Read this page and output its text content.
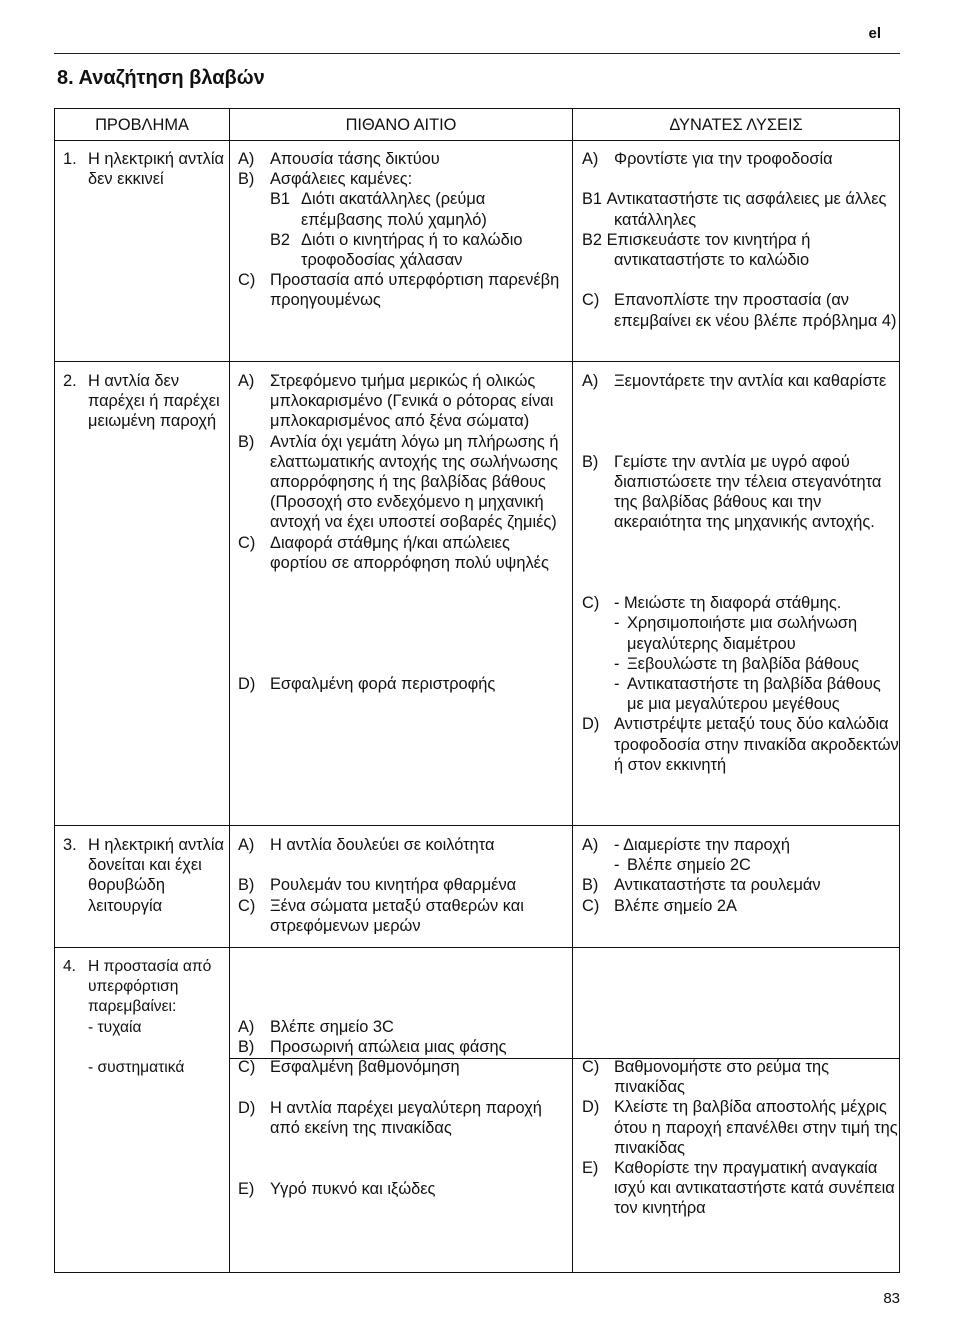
el
8. Αναζήτηση βλαβών
ΠΡΟΒΛΗΜΑ	ΠΙΘΑΝΟ ΑΙΤΙΟ	ΔΥΝΑΤΕΣ ΛΥΣΕΙΣ
1. Η ηλεκτρική αντλία δεν εκκινεί
A) Απουσία τάσης δικτύου
B) Ασφάλειες καμένες:
B1 Διότι ακατάλληλες (ρεύμα επέμβασης πολύ χαμηλό)
B2 Διότι ο κινητήρας ή το καλώδιο τροφοδοσίας χάλασαν
C) Προστασία από υπερφόρτιση παρενέβη προηγουμένως
A) Φροντίστε για την τροφοδοσία
B1 Αντικαταστήστε τις ασφάλειες με άλλες κατάλληλες
B2 Επισκευάστε τον κινητήρα ή αντικαταστήστε το καλώδιο
C) Επανοπλίστε την προστασία (αν επεμβαίνει εκ νέου βλέπε πρόβλημα 4)
2. Η αντλία δεν παρέχει ή παρέχει μειωμένη παροχή
A) Στρεφόμενο τμήμα μερικώς ή ολικώς μπλοκαρισμένο (Γενικά ο ρότορας είναι μπλοκαρισμένος από ξένα σώματα)
B) Αντλία όχι γεμάτη λόγω μη πλήρωσης ή ελαττωματικής αντοχής της σωλήνωσης απορρόφησης ή της βαλβίδας βάθους (Προσοχή στο ενδεχόμενο η μηχανική αντοχή να έχει υποστεί σοβαρές ζημιές)
C) Διαφορά στάθμης ή/και απώλειες φορτίου σε απορρόφηση πολύ υψηλές
D) Εσφαλμένη φορά περιστροφής
A) Ξεμοντάρετε την αντλία και καθαρίστε
B) Γεμίστε την αντλία με υγρό αφού διαπιστώσετε την τέλεια στεγανότητα της βαλβίδας βάθους και την ακεραιότητα της μηχανικής αντοχής.
C) - Μειώστε τη διαφορά στάθμης.
- Χρησιμοποιήστε μια σωλήνωση μεγαλύτερης διαμέτρου
- Ξεβουλώστε τη βαλβίδα βάθους
- Αντικαταστήστε τη βαλβίδα βάθους με μια μεγαλύτερου μεγέθους
D) Αντιστρέψτε μεταξύ τους δύο καλώδια τροφοδοσία στην πινακίδα ακροδεκτών ή στον εκκινητή
3. Η ηλεκτρική αντλία δονείται και έχει θορυβώδη λειτουργία
A) Η αντλία δουλεύει σε κοιλότητα
B) Ρουλεμάν του κινητήρα φθαρμένα
C) Ξένα σώματα μεταξύ σταθερών και στρεφόμενων μερών
A) - Διαμερίστε την παροχή
- Βλέπε σημείο 2C
B) Αντικαταστήστε τα ρουλεμάν
C) Βλέπε σημείο 2A
4. Η προστασία από υπερφόρτιση παρεμβαίνει:
- τυχαία
- συστηματικά
A) Βλέπε σημείο 3C
B) Προσωρινή απώλεια μιας φάσης
C) Εσφαλμένη βαθμονόμηση
D) Η αντλία παρέχει μεγαλύτερη παροχή από εκείνη της πινακίδας
E) Υγρό πυκνό και ιξώδες
C) Βαθμονομήστε στο ρεύμα της πινακίδας
D) Κλείστε τη βαλβίδα αποστολής μέχρις ότου η παροχή επανέλθει στην τιμή της πινακίδας
E) Καθορίστε την πραγματική αναγκαία ισχύ και αντικαταστήστε κατά συνέπεια τον κινητήρα
83
